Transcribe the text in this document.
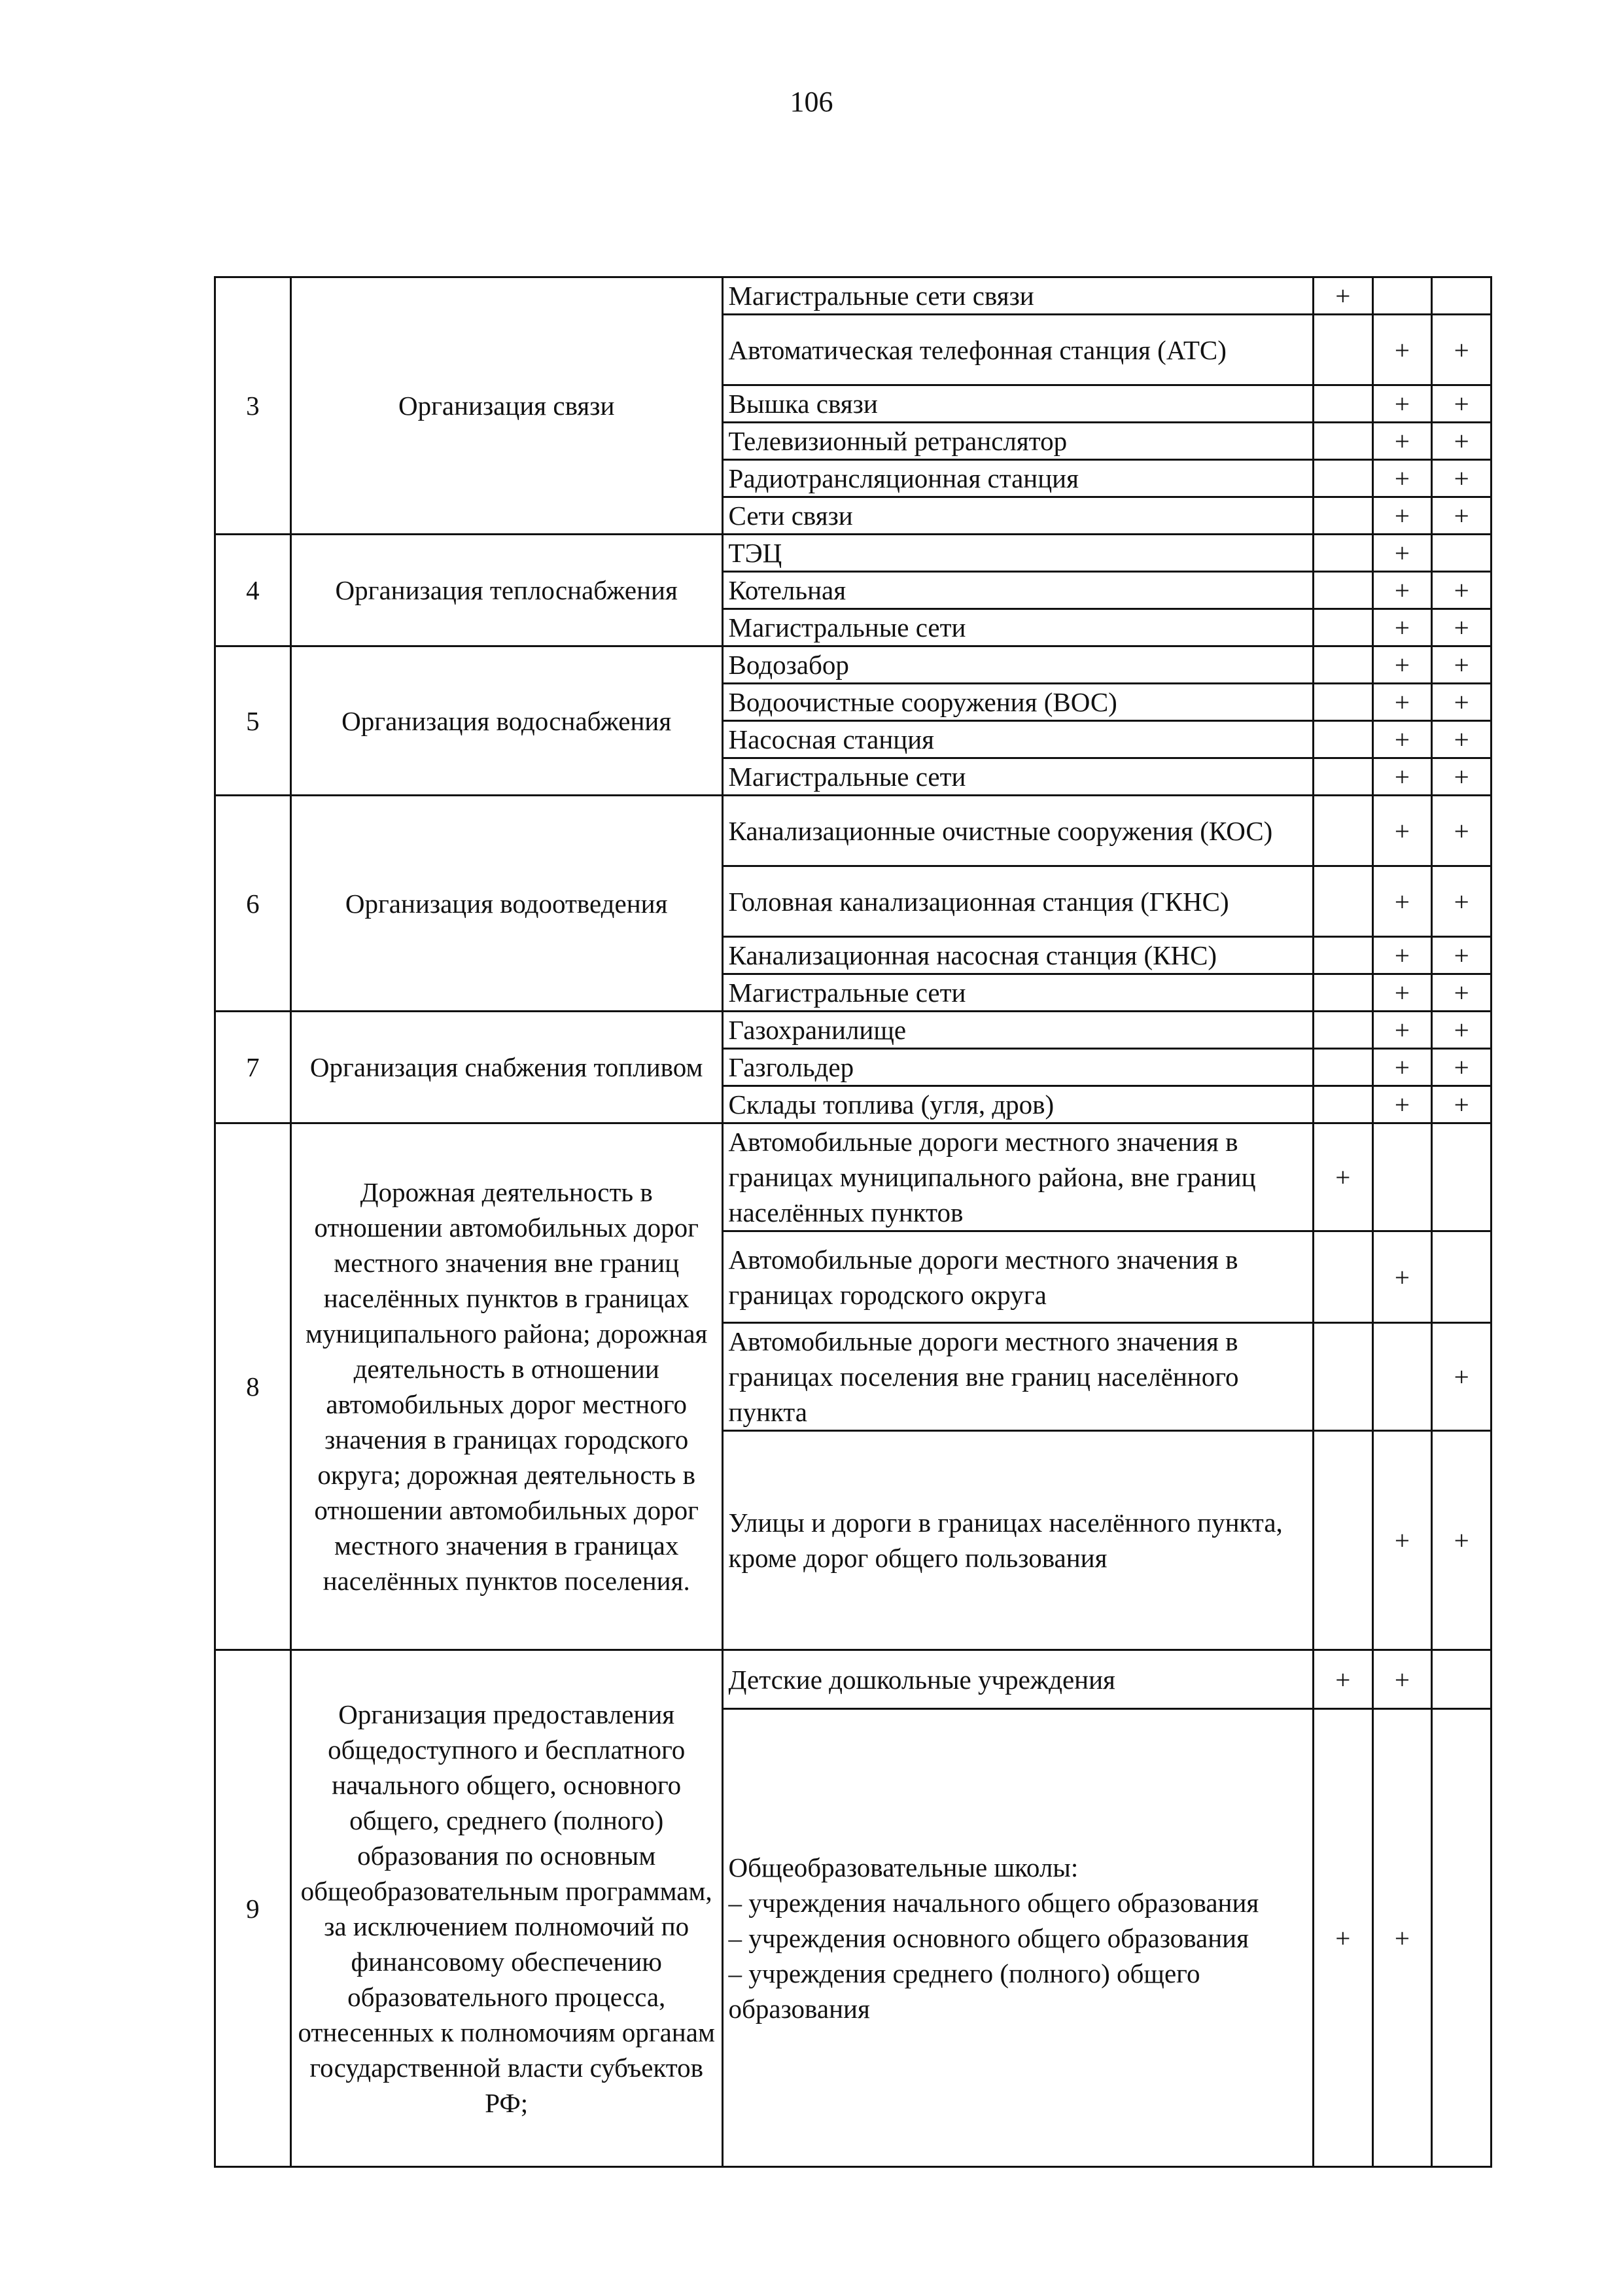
106
3	Организация связи	Магистральные сети связи	+		
		Автоматическая телефонная станция (АТС)		+	+
		Вышка связи		+	+
		Телевизионный ретранслятор		+	+
		Радиотрансляционная станция		+	+
		Сети связи		+	+
4	Организация теплоснабжения	ТЭЦ		+	
		Котельная		+	+
		Магистральные сети		+	+
5	Организация водоснабжения	Водозабор		+	+
		Водоочистные сооружения (ВОС)		+	+
		Насосная станция		+	+
		Магистральные сети		+	+
6	Организация водоотведения	Канализационные очистные сооружения (КОС)		+	+
		Головная канализационная станция (ГКНС)		+	+
		Канализационная насосная станция (КНС)		+	+
		Магистральные сети		+	+
7	Организация снабжения топливом	Газохранилище		+	+
		Газгольдер		+	+
		Склады топлива (угля, дров)		+	+
8	Дорожная деятельность в отношении автомобильных дорог местного значения вне границ населённых пунктов в границах муниципального района; дорожная деятельность в отношении автомобильных дорог местного значения в границах городского округа; дорожная деятельность в отношении автомобильных дорог местного значения в границах населённых пунктов поселения.	Автомобильные дороги местного значения в границах муниципального района, вне границ населённых пунктов	+		
		Автомобильные дороги местного значения в границах городского округа		+	
		Автомобильные дороги местного значения в границах поселения вне границ населённого пункта			+
		Улицы и дороги в границах населённого пункта, кроме дорог общего пользования		+	+
9	Организация предоставления общедоступного и бесплатного начального общего, основного общего, среднего (полного) образования по основным общеобразовательным программам, за исключением полномочий по финансовому обеспечению образовательного процесса, отнесенных к полномочиям органам государственной власти субъектов РФ;	Детские дошкольные учреждения	+	+	
		Общеобразовательные школы:
– учреждения начального общего образования
– учреждения основного общего образования
– учреждения среднего (полного) общего образования	+	+	
